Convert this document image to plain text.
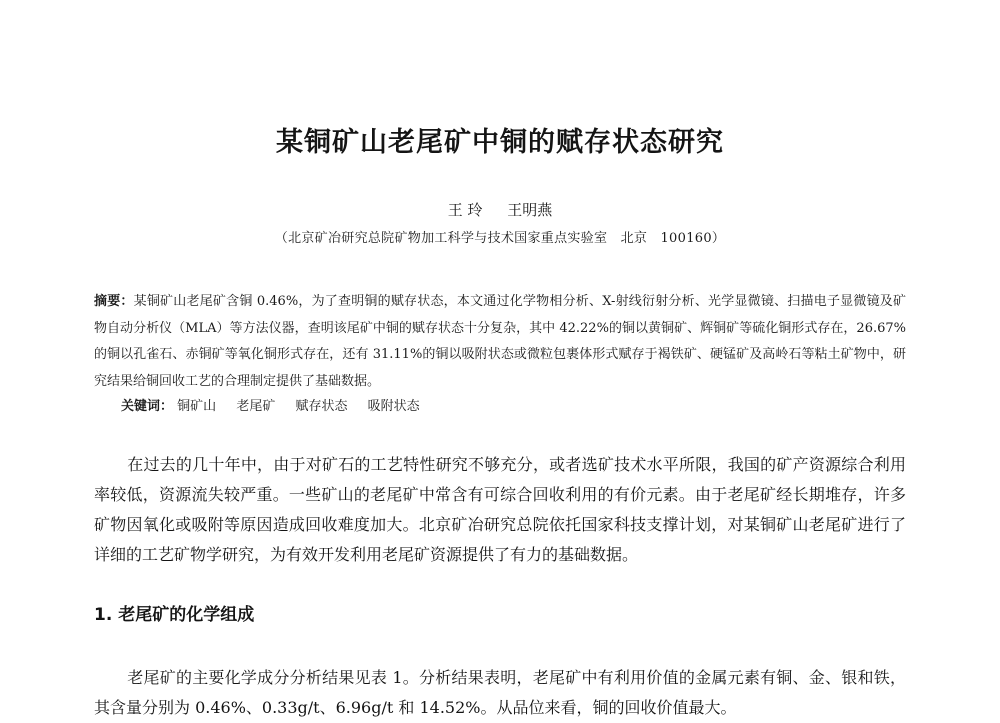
某铜矿山老尾矿中铜的赋存状态研究
王 玲 王明燕
（北京矿冶研究总院矿物加工科学与技术国家重点实验室　北京　100160）
摘要：某铜矿山老尾矿含铜 0.46%，为了查明铜的赋存状态，本文通过化学物相分析、X-射线衍射分析、光学显微镜、扫描电子显微镜及矿物自动分析仪（MLA）等方法仪器，查明该尾矿中铜的赋存状态十分复杂，其中 42.22%的铜以黄铜矿、辉铜矿等硫化铜形式存在，26.67%的铜以孔雀石、赤铜矿等氧化铜形式存在，还有 31.11%的铜以吸附状态或微粒包裹体形式赋存于褐铁矿、硬锰矿及高岭石等粘土矿物中，研究结果给铜回收工艺的合理制定提供了基础数据。
关键词： 铜矿山 老尾矿 赋存状态 吸附状态
在过去的几十年中，由于对矿石的工艺特性研究不够充分，或者选矿技术水平所限，我国的矿产资源综合利用率较低，资源流失较严重。一些矿山的老尾矿中常含有可综合回收利用的有价元素。由于老尾矿经长期堆存，许多矿物因氧化或吸附等原因造成回收难度加大。北京矿冶研究总院依托国家科技支撑计划，对某铜矿山老尾矿进行了详细的工艺矿物学研究，为有效开发利用老尾矿资源提供了有力的基础数据。
1. 老尾矿的化学组成
老尾矿的主要化学成分分析结果见表 1。分析结果表明，老尾矿中有利用价值的金属元素有铜、金、银和铁，其含量分别为 0.46%、0.33g/t、6.96g/t 和 14.52%。从品位来看，铜的回收价值最大。
